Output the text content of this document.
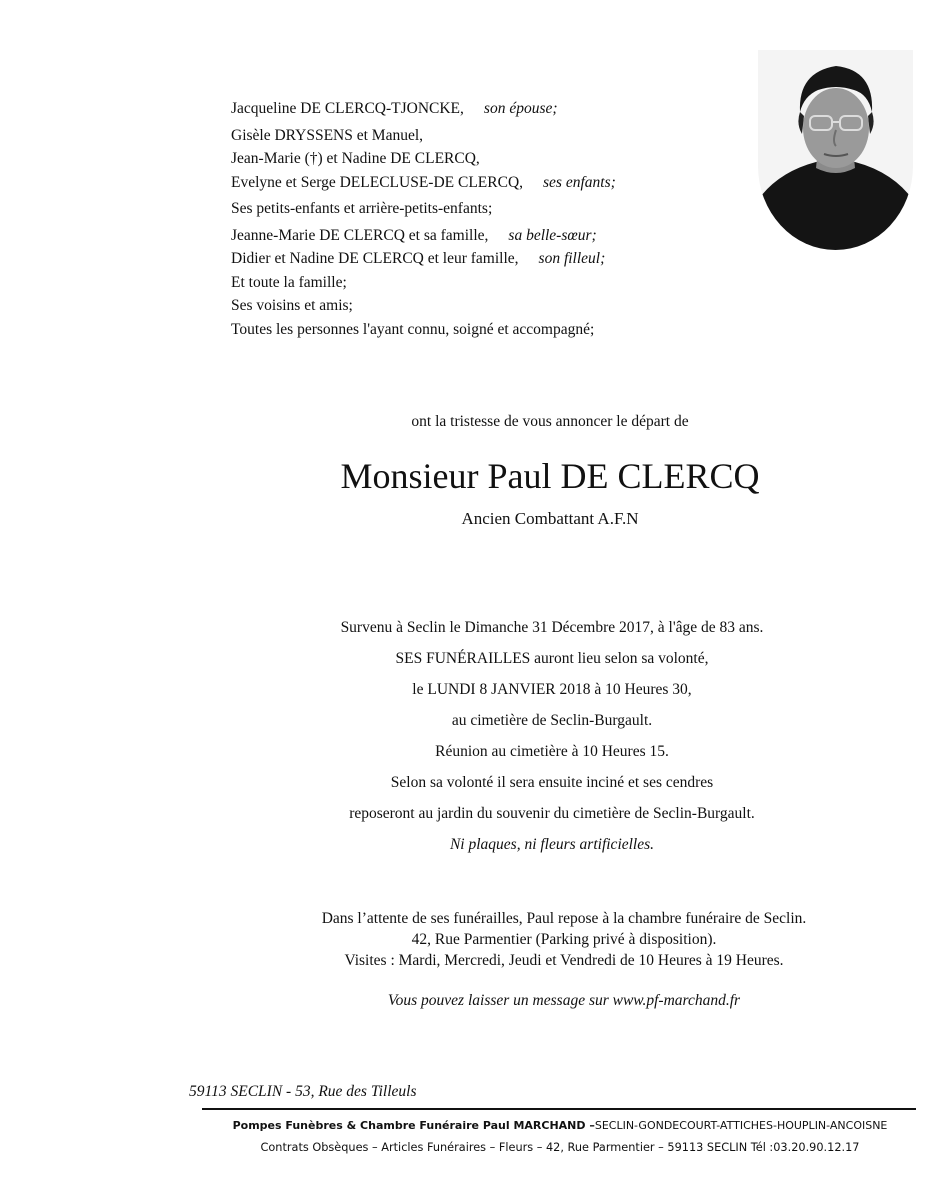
Jacqueline DE CLERCQ-TJONCKE, son épouse;
Gisèle DRYSSENS et Manuel,
Jean-Marie (†) et Nadine DE CLERCQ,
Evelyne et Serge DELECLUSE-DE CLERCQ, ses enfants;
Ses petits-enfants et arrière-petits-enfants;
Jeanne-Marie DE CLERCQ et sa famille, sa belle-sœur;
Didier et Nadine DE CLERCQ et leur famille, son filleul;
Et toute la famille;
Ses voisins et amis;
Toutes les personnes l'ayant connu, soigné et accompagné;
ont la tristesse de vous annoncer le départ de
Monsieur Paul DE CLERCQ
Ancien Combattant A.F.N
Survenu à Seclin le Dimanche 31 Décembre 2017, à l'âge de 83 ans.
SES FUNÉRAILLES auront lieu selon sa volonté,
le LUNDI 8 JANVIER 2018 à 10 Heures 30,
au cimetière de Seclin-Burgault.
Réunion au cimetière à 10 Heures 15.
Selon sa volonté il sera ensuite inciné et ses cendres
reposeront au jardin du souvenir du cimetière de Seclin-Burgault.
Ni plaques, ni fleurs artificielles.
Dans l’attente de ses funérailles, Paul repose à la chambre funéraire de Seclin.
42, Rue Parmentier (Parking privé à disposition).
Visites : Mardi, Mercredi, Jeudi et Vendredi de 10 Heures à 19 Heures.
Vous pouvez laisser un message sur www.pf-marchand.fr
59113 SECLIN - 53, Rue des Tilleuls
Pompes Funèbres & Chambre Funéraire Paul MARCHAND –SECLIN-GONDECOURT-ATTICHES-HOUPLIN-ANCOISNE
Contrats Obsèques – Articles Funéraires – Fleurs – 42, Rue Parmentier – 59113 SECLIN Tél :03.20.90.12.17
